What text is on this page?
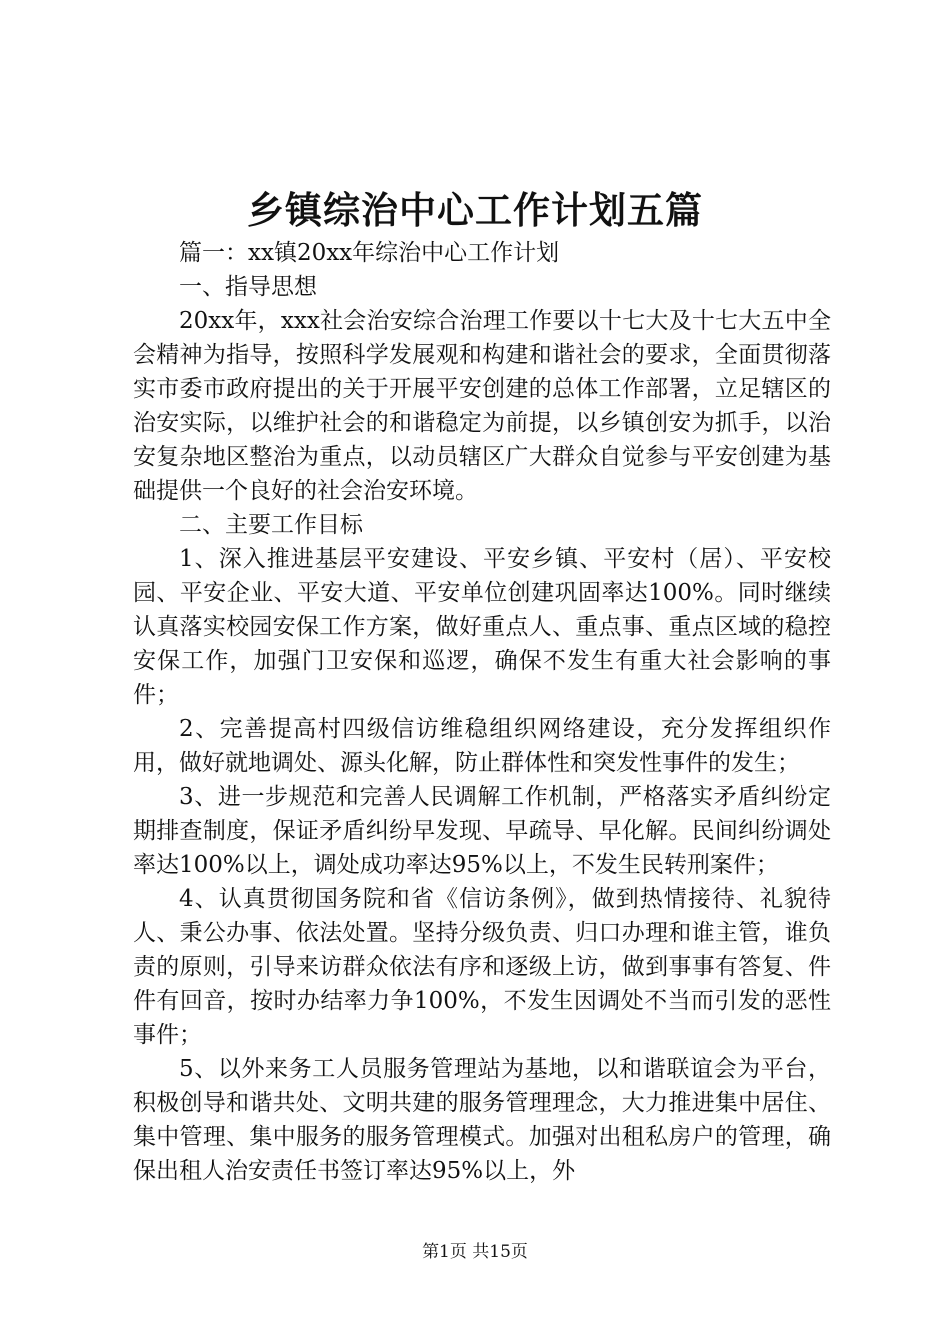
乡镇综治中心工作计划五篇

篇一：xx镇20xx年综治中心工作计划

一、指导思想

20xx年，xxx社会治安综合治理工作要以十七大及十七大五中全会精神为指导，按照科学发展观和构建和谐社会的要求，全面贯彻落实市委市政府提出的关于开展平安创建的总体工作部署，立足辖区的治安实际，以维护社会的和谐稳定为前提，以乡镇创安为抓手，以治安复杂地区整治为重点，以动员辖区广大群众自觉参与平安创建为基础提供一个良好的社会治安环境。

二、主要工作目标

1、深入推进基层平安建设、平安乡镇、平安村（居）、平安校园、平安企业、平安大道、平安单位创建巩固率达100%。同时继续认真落实校园安保工作方案，做好重点人、重点事、重点区域的稳控安保工作，加强门卫安保和巡逻，确保不发生有重大社会影响的事件；

2、完善提高村四级信访维稳组织网络建设，充分发挥组织作用，做好就地调处、源头化解，防止群体性和突发性事件的发生；

3、进一步规范和完善人民调解工作机制，严格落实矛盾纠纷定期排查制度，保证矛盾纠纷早发现、早疏导、早化解。民间纠纷调处率达100%以上，调处成功率达95%以上，不发生民转刑案件；

4、认真贯彻国务院和省《信访条例》，做到热情接待、礼貌待人、秉公办事、依法处置。坚持分级负责、归口办理和谁主管，谁负责的原则，引导来访群众依法有序和逐级上访，做到事事有答复、件件有回音，按时办结率力争100%，不发生因调处不当而引发的恶性事件；

5、以外来务工人员服务管理站为基地，以和谐联谊会为平台，积极创导和谐共处、文明共建的服务管理理念，大力推进集中居住、集中管理、集中服务的服务管理模式。加强对出租私房户的管理，确保出租人治安责任书签订率达95%以上，外

第1页 共15页
